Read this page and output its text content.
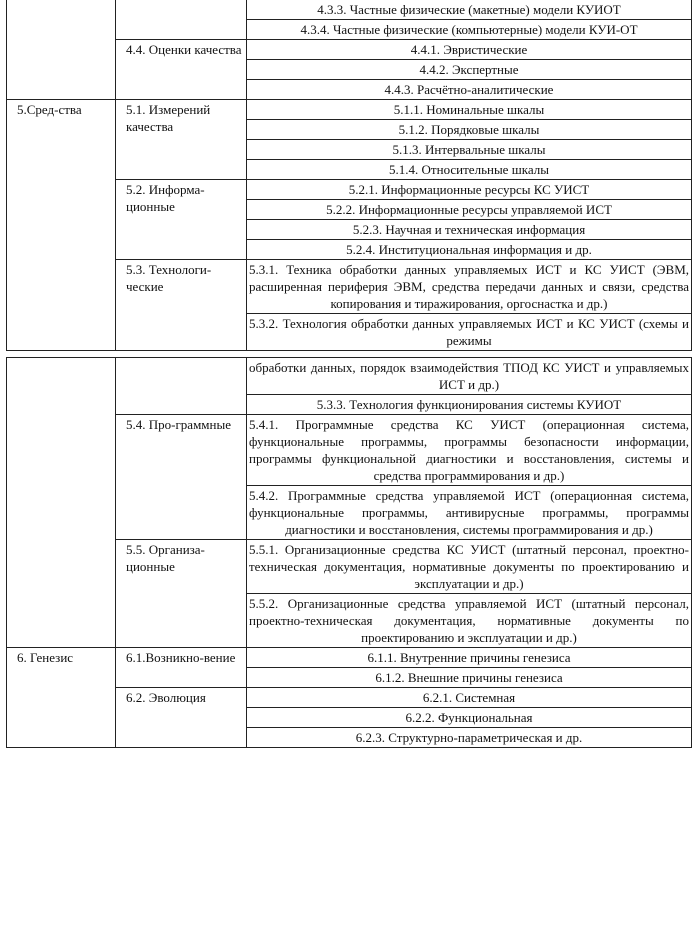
		4.3.3. Частные физические (макетные) модели КУИОТ
		4.3.4. Частные физические (компьютерные) модели КУИ-ОТ
	4.4. Оценки качества	4.4.1. Эвристические
		4.4.2. Экспертные
		4.4.3. Расчётно-аналитические
5.Сред-ства	5.1. Измерений качества	5.1.1. Номинальные шкалы
		5.1.2. Порядковые шкалы
		5.1.3. Интервальные шкалы
		5.1.4. Относительные шкалы
	5.2. Информа-ционные	5.2.1. Информационные ресурсы КС УИСТ
		5.2.2. Информационные ресурсы управляемой ИСТ
		5.2.3. Научная и техническая информация
		5.2.4. Институциональная информация и др.
	5.3. Технологи-ческие	5.3.1. Техника обработки данных управляемых ИСТ и КС УИСТ (ЭВМ, расширенная периферия ЭВМ, средства передачи данных и связи, средства копирования и тиражирования, оргоснастка и др.)
		5.3.2. Технология обработки данных управляемых ИСТ и КС УИСТ (схемы и режимы
		обработки данных, порядок взаимодействия ТПОД КС УИСТ и управляемых ИСТ и др.)
		5.3.3. Технология функционирования системы КУИОТ
	5.4. Про-граммные	5.4.1. Программные средства КС УИСТ (операционная система, функциональные программы, программы безопасности информации, программы функциональной диагностики и восстановления, системы и средства программирования и др.)
		5.4.2. Программные средства управляемой ИСТ (операционная система, функциональные программы, антивирусные программы, программы диагностики и восстановления, системы программирования и др.)
	5.5. Организа-ционные	5.5.1. Организационные средства КС УИСТ (штатный персонал, проектно-техническая документация, нормативные документы по проектированию и эксплуатации и др.)
		5.5.2. Организационные средства управляемой ИСТ (штатный персонал, проектно-техническая документация, нормативные документы по проектированию и эксплуатации и др.)
6. Генезис	6.1.Возникно-вение	6.1.1. Внутренние причины генезиса
		6.1.2. Внешние причины генезиса
	6.2. Эволюция	6.2.1. Системная
		6.2.2. Функциональная
		6.2.3. Структурно-параметрическая и др.
